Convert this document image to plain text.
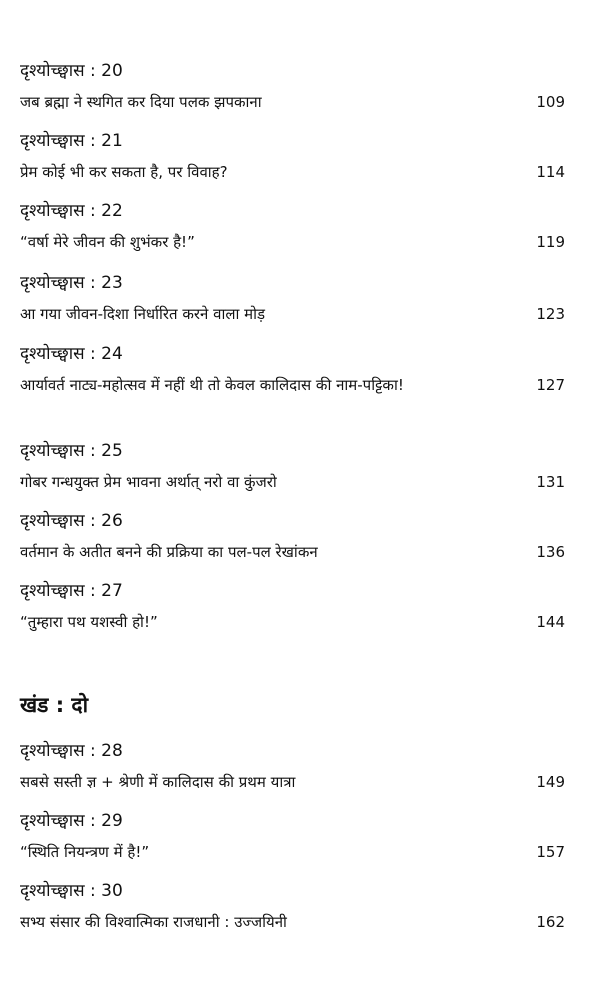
दृश्योच्छ्वास : 20
जब ब्रह्मा ने स्थगित कर दिया पलक झपकाना	109
दृश्योच्छ्वास : 21
प्रेम कोई भी कर सकता है, पर विवाह?	114
दृश्योच्छ्वास : 22
“वर्षा मेरे जीवन की शुभंकर है!”	119
दृश्योच्छ्वास : 23
आ गया जीवन-दिशा निर्धारित करने वाला मोड़	123
दृश्योच्छ्वास : 24
आर्यावर्त नाट्य-महोत्सव में नहीं थी तो केवल कालिदास की नाम-पट्टिका!	127
दृश्योच्छ्वास : 25
गोबर गन्धयुक्त प्रेम भावना अर्थात् नरो वा कुंजरो	131
दृश्योच्छ्वास : 26
वर्तमान के अतीत बनने की प्रक्रिया का पल-पल रेखांकन	136
दृश्योच्छ्वास : 27
“तुम्हारा पथ यशस्वी हो!”	144
खंड : दो
दृश्योच्छ्वास : 28
सबसे सस्ती ज्ञ + श्रेणी में कालिदास की प्रथम यात्रा	149
दृश्योच्छ्वास : 29
“स्थिति नियन्त्रण में है!”	157
दृश्योच्छ्वास : 30
सभ्य संसार की विश्वात्मिका राजधानी : उज्जयिनी	162
